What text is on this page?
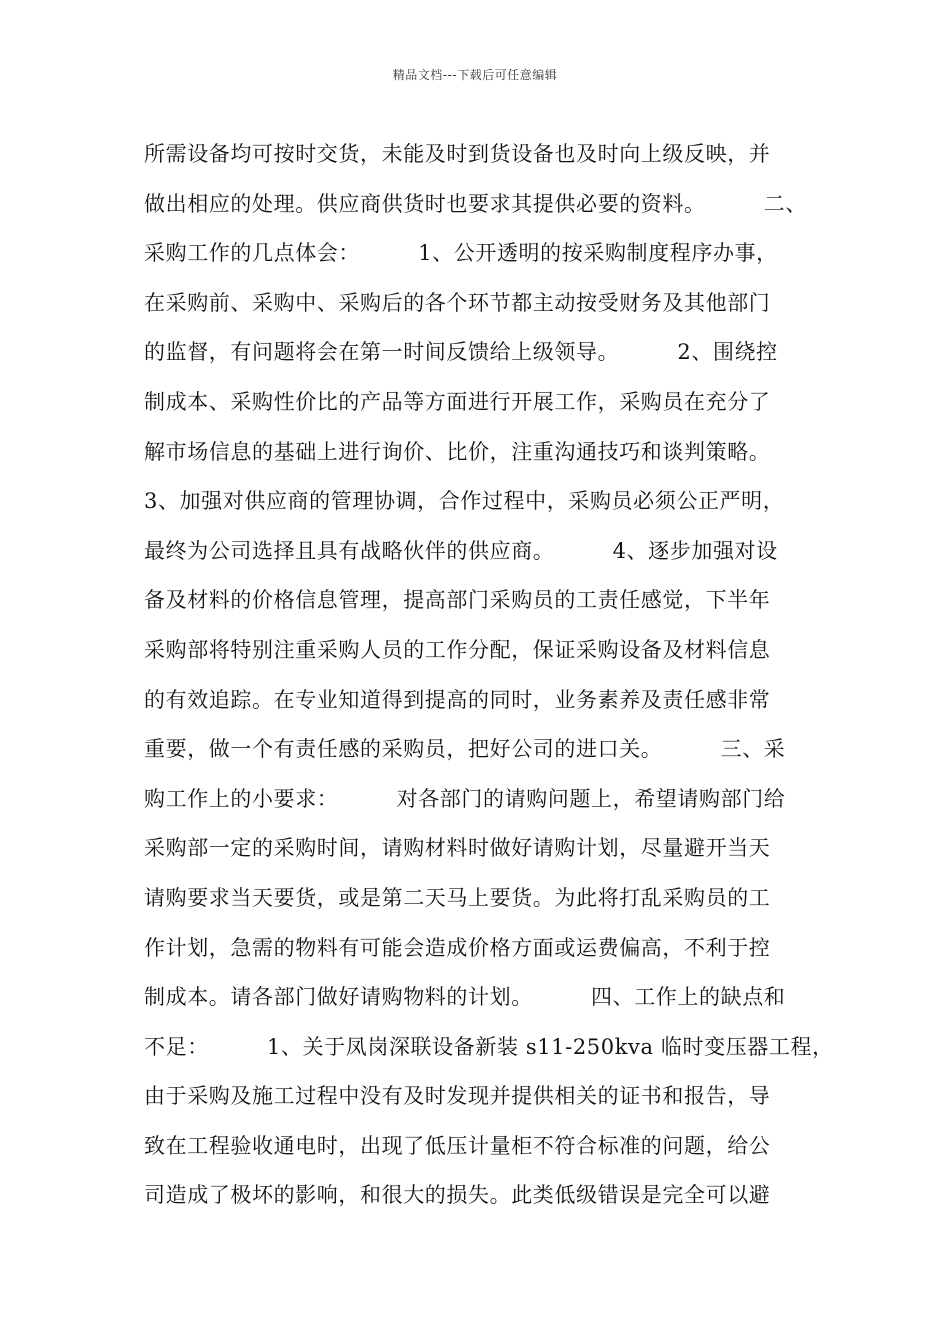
精品文档---下载后可任意编辑
所需设备均可按时交货，未能及时到货设备也及时向上级反映，并
做出相应的处理。供应商供货时也要求其提供必要的资料。        二、
采购工作的几点体会：        1、公开透明的按采购制度程序办事，
在采购前、采购中、采购后的各个环节都主动按受财务及其他部门
的监督，有问题将会在第一时间反馈给上级领导。        2、围绕控
制成本、采购性价比的产品等方面进行开展工作，采购员在充分了
解市场信息的基础上进行询价、比价，注重沟通技巧和谈判策略。
3、加强对供应商的管理协调，合作过程中，采购员必须公正严明，
最终为公司选择且具有战略伙伴的供应商。        4、逐步加强对设
备及材料的价格信息管理，提高部门采购员的工责任感觉，下半年
采购部将特别注重采购人员的工作分配，保证采购设备及材料信息
的有效追踪。在专业知道得到提高的同时，业务素养及责任感非常
重要，做一个有责任感的采购员，把好公司的进口关。        三、采
购工作上的小要求：        对各部门的请购问题上，希望请购部门给
采购部一定的采购时间，请购材料时做好请购计划，尽量避开当天
请购要求当天要货，或是第二天马上要货。为此将打乱采购员的工
作计划，急需的物料有可能会造成价格方面或运费偏高，不利于控
制成本。请各部门做好请购物料的计划。        四、工作上的缺点和
不足：        1、关于凤岗深联设备新装 s11-250kva 临时变压器工程，
由于采购及施工过程中没有及时发现并提供相关的证书和报告，导
致在工程验收通电时，出现了低压计量柜不符合标准的问题，给公
司造成了极坏的影响，和很大的损失。此类低级错误是完全可以避
